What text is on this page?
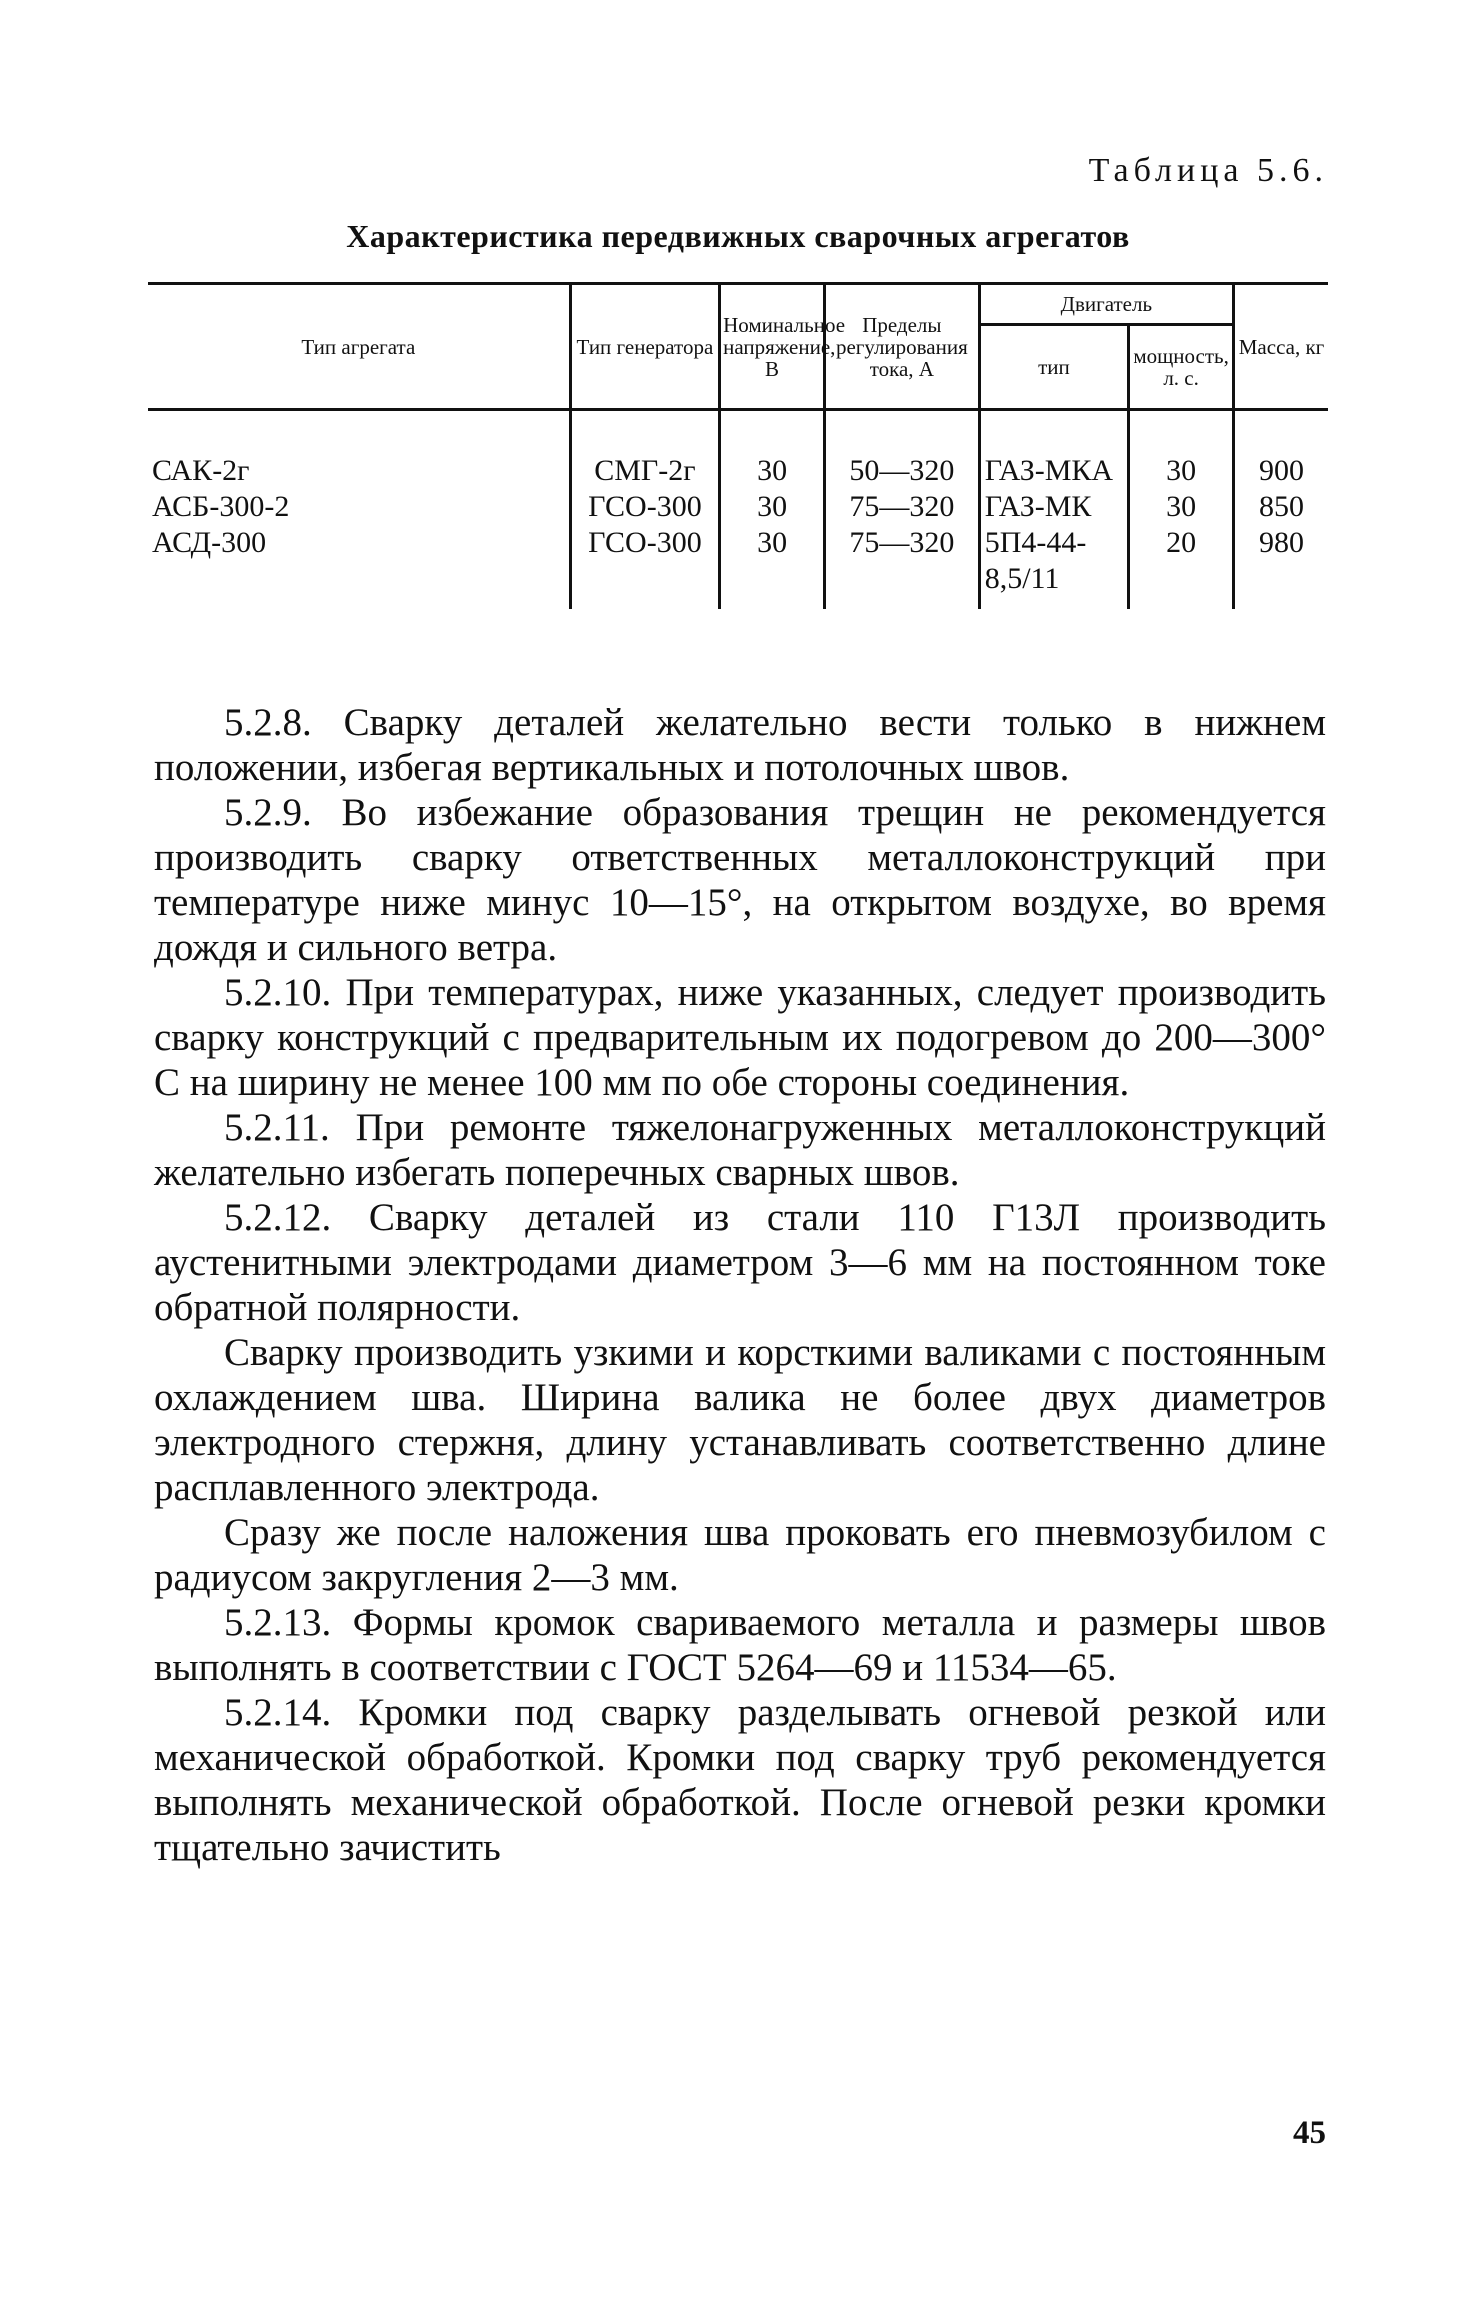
Таблица 5.6.
Характеристика передвижных сварочных агрегатов
Тип агрегата	Тип генератора	Номинальное напряжение, В	Пределы регулирования тока, А	Двигатель		Масса, кг
				тип	мощность, л. с.	
САК-2г	СМГ-2г	30	50—320	ГАЗ-МКА	30	900
АСБ-300-2	ГСО-300	30	75—320	ГАЗ-МК	30	850
АСД-300	ГСО-300	30	75—320	5П4-44-8,5/11	20	980

5.2.8. Сварку деталей желательно вести только в нижнем положении, избегая вертикальных и потолочных швов.

5.2.9. Во избежание образования трещин не рекомендуется производить сварку ответственных металлоконструкций при температуре ниже минус 10—15°, на открытом воздухе, во время дождя и сильного ветра.

5.2.10. При температурах, ниже указанных, следует производить сварку конструкций с предварительным их подогревом до 200—300° С на ширину не менее 100 мм по обе стороны соединения.

5.2.11. При ремонте тяжелонагруженных металлоконструкций желательно избегать поперечных сварных швов.

5.2.12. Сварку деталей из стали 110 Г13Л производить аустенитными электродами диаметром 3—6 мм на постоянном токе обратной полярности.

Сварку производить узкими и корсткими валиками с постоянным охлаждением шва. Ширина валика не более двух диаметров электродного стержня, длину устанавливать соответственно длине расплавленного электрода.

Сразу же после наложения шва проковать его пневмозубилом с радиусом закругления 2—3 мм.

5.2.13. Формы кромок свариваемого металла и размеры швов выполнять в соответствии с ГОСТ 5264—69 и 11534—65.

5.2.14. Кромки под сварку разделывать огневой резкой или механической обработкой. Кромки под сварку труб рекомендуется выполнять механической обработкой. После огневой резки кромки тщательно зачистить

45
